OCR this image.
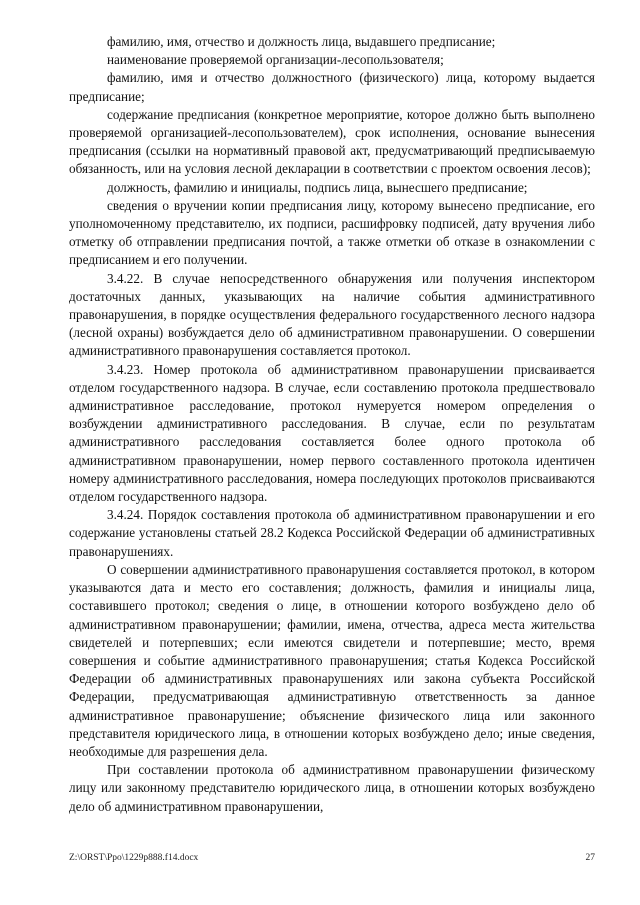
фамилию, имя, отчество и должность лица, выдавшего предписание;

наименование проверяемой организации-лесопользователя;

фамилию, имя и отчество должностного (физического) лица, которому выдается предписание;

содержание предписания (конкретное мероприятие, которое должно быть выполнено проверяемой организацией-лесопользователем), срок исполнения, основание вынесения предписания (ссылки на нормативный правовой акт, предусматривающий предписываемую обязанность, или на условия лесной декларации в соответствии с проектом освоения лесов);

должность, фамилию и инициалы, подпись лица, вынесшего предписание;

сведения о вручении копии предписания лицу, которому вынесено предписание, его уполномоченному представителю, их подписи, расшифровку подписей, дату вручения либо отметку об отправлении предписания почтой, а также отметки об отказе в ознакомлении с предписанием и его получении.

3.4.22. В случае непосредственного обнаружения или получения инспектором достаточных данных, указывающих на наличие события административного правонарушения, в порядке осуществления федерального государственного лесного надзора (лесной охраны) возбуждается дело об административном правонарушении. О совершении административного правонарушения составляется протокол.

3.4.23. Номер протокола об административном правонарушении присваивается отделом государственного надзора. В случае, если составлению протокола предшествовало административное расследование, протокол нумеруется номером определения о возбуждении административного расследования. В случае, если по результатам административного расследования составляется более одного протокола об административном правонарушении, номер первого составленного протокола идентичен номеру административного расследования, номера последующих протоколов присваиваются отделом государственного надзора.

3.4.24. Порядок составления протокола об административном правонарушении и его содержание установлены статьей 28.2 Кодекса Российской Федерации об административных правонарушениях.

О совершении административного правонарушения составляется протокол, в котором указываются дата и место его составления; должность, фамилия и инициалы лица, составившего протокол; сведения о лице, в отношении которого возбуждено дело об административном правонарушении; фамилии, имена, отчества, адреса места жительства свидетелей и потерпевших; если имеются свидетели и потерпевшие; место, время совершения и событие административного правонарушения; статья Кодекса Российской Федерации об административных правонарушениях или закона субъекта Российской Федерации, предусматривающая административную ответственность за данное административное правонарушение; объяснение физического лица или законного представителя юридического лица, в отношении которых возбуждено дело; иные сведения, необходимые для разрешения дела.

При составлении протокола об административном правонарушении физическому лицу или законному представителю юридического лица, в отношении которых возбуждено дело об административном правонарушении,

Z:\ORST\Ppo\1229p888.f14.docx	27
